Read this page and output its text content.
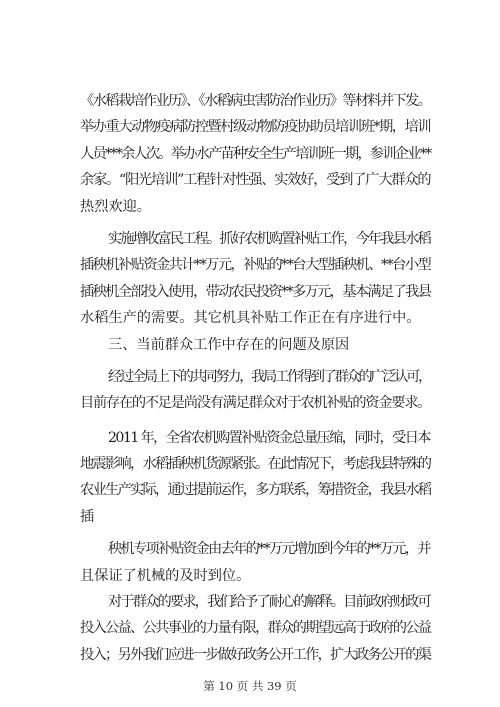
《水稻栽培作业历》、《水稻病虫害防治作业历》等材料并下发。
举办重大动物疫病防控暨村级动物防疫协助员培训班*期，培训
人员***余人次。举办水产苗种安全生产培训班一期，参训企业**
余家。“阳光培训”工程针对性强、实效好，受到了广大群众的
热烈欢迎。
实施增收富民工程。抓好农机购置补贴工作，今年我县水稻
插秧机补贴资金共计**万元，补贴的**台大型插秧机、**台小型
插秧机全部投入使用，带动农民投资**多万元，基本满足了我县
水稻生产的需要。其它机具补贴工作正在有序进行中。
三、当前群众工作中存在的问题及原因
经过全局上下的共同努力，我局工作得到了群众的广泛认可，
目前存在的不足是尚没有满足群众对于农机补贴的资金要求。
2011 年，全省农机购置补贴资金总量压缩，同时，受日本
地震影响，水稻插秧机货源紧张。在此情况下，考虑我县特殊的
农业生产实际，通过提前运作，多方联系，筹措资金，我县水稻
插
秧机专项补贴资金由去年的**万元增加到今年的**万元，并
且保证了机械的及时到位。
对于群众的要求，我们给予了耐心的解释。目前政府财政可
投入公益、公共事业的力量有限，群众的期望远高于政府的公益
投入；另外我们应进一步做好政务公开工作，扩大政务公开的渠
第 10 页 共 39 页
